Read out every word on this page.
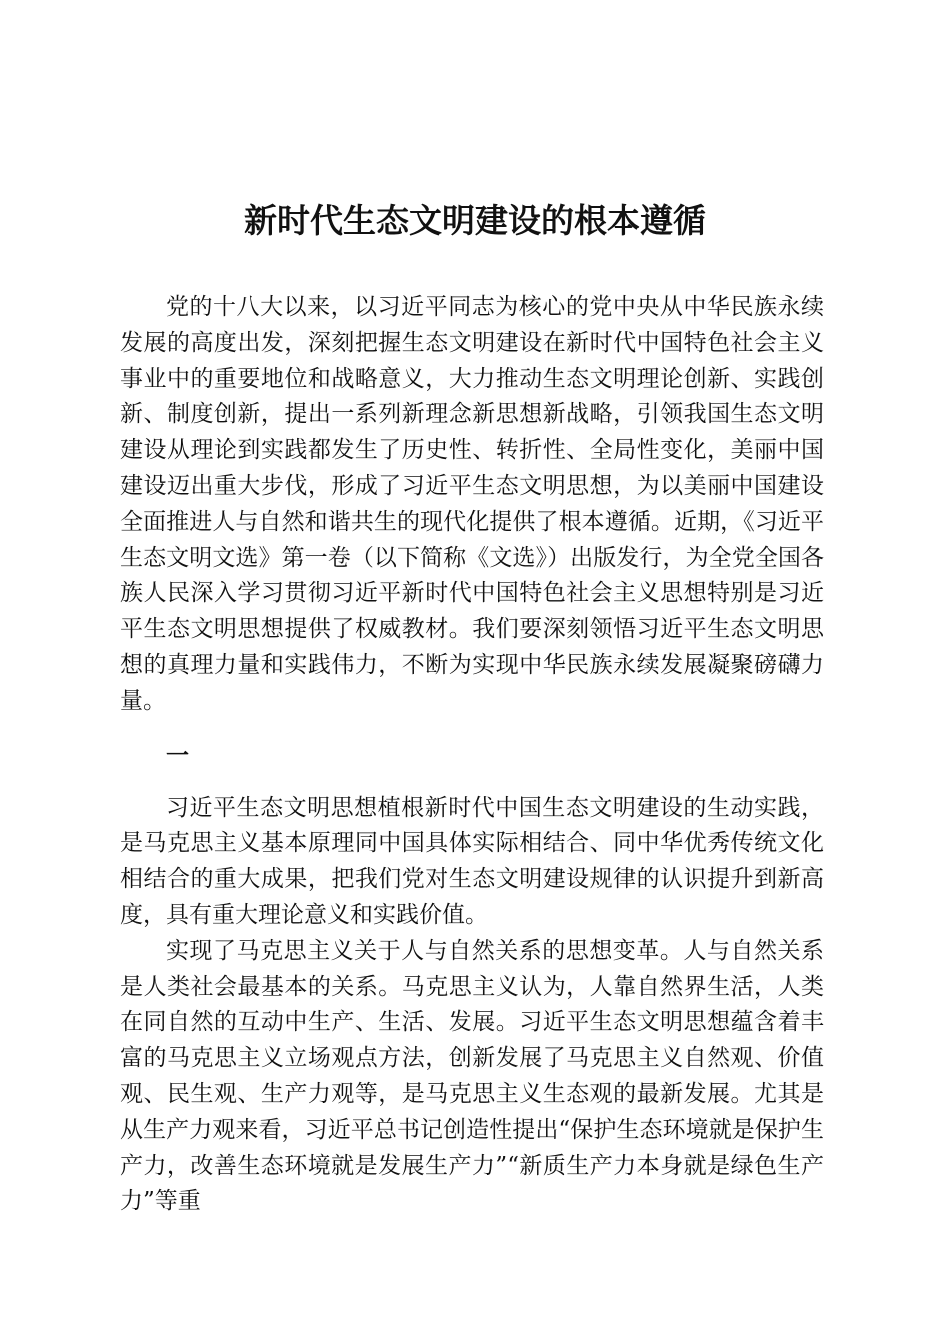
新时代生态文明建设的根本遵循

党的十八大以来，以习近平同志为核心的党中央从中华民族永续发展的高度出发，深刻把握生态文明建设在新时代中国特色社会主义事业中的重要地位和战略意义，大力推动生态文明理论创新、实践创新、制度创新，提出一系列新理念新思想新战略，引领我国生态文明建设从理论到实践都发生了历史性、转折性、全局性变化，美丽中国建设迈出重大步伐，形成了习近平生态文明思想，为以美丽中国建设全面推进人与自然和谐共生的现代化提供了根本遵循。近期，《习近平生态文明文选》第一卷（以下简称《文选》）出版发行，为全党全国各族人民深入学习贯彻习近平新时代中国特色社会主义思想特别是习近平生态文明思想提供了权威教材。我们要深刻领悟习近平生态文明思想的真理力量和实践伟力，不断为实现中华民族永续发展凝聚磅礴力量。

一

习近平生态文明思想植根新时代中国生态文明建设的生动实践，是马克思主义基本原理同中国具体实际相结合、同中华优秀传统文化相结合的重大成果，把我们党对生态文明建设规律的认识提升到新高度，具有重大理论意义和实践价值。

实现了马克思主义关于人与自然关系的思想变革。人与自然关系是人类社会最基本的关系。马克思主义认为，人靠自然界生活，人类在同自然的互动中生产、生活、发展。习近平生态文明思想蕴含着丰富的马克思主义立场观点方法，创新发展了马克思主义自然观、价值观、民生观、生产力观等，是马克思主义生态观的最新发展。尤其是从生产力观来看，习近平总书记创造性提出“保护生态环境就是保护生产力，改善生态环境就是发展生产力”“新质生产力本身就是绿色生产力”等重
